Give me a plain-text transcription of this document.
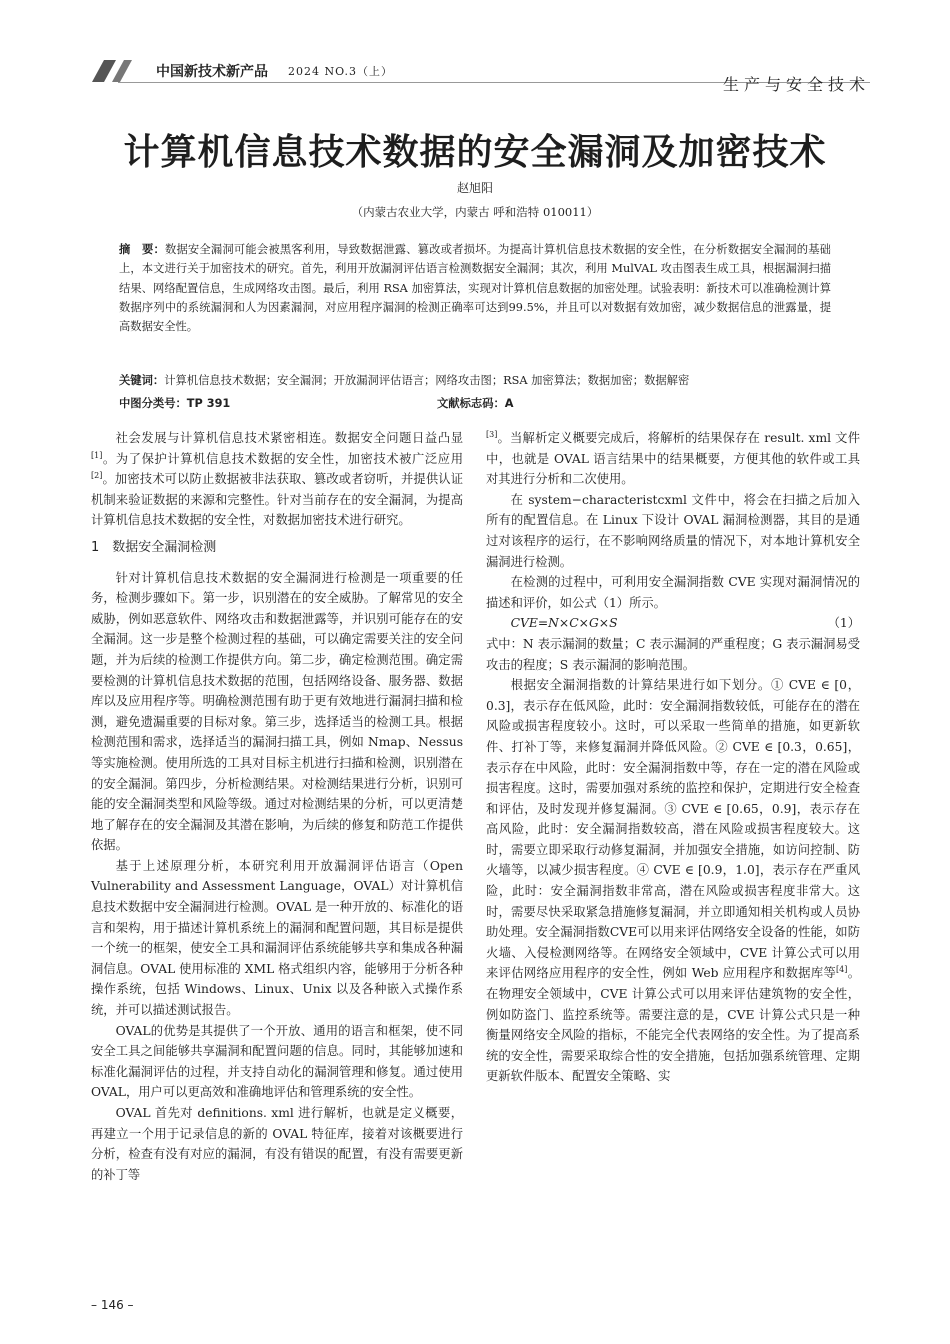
中国新技术新产品 2024 NO.3（上）
生产与安全技术
计算机信息技术数据的安全漏洞及加密技术
赵旭阳
（内蒙古农业大学，内蒙古 呼和浩特 010011）
摘　要：数据安全漏洞可能会被黑客利用，导致数据泄露、篡改或者损坏。为提高计算机信息技术数据的安全性，在分析数据安全漏洞的基础上，本文进行关于加密技术的研究。首先，利用开放漏洞评估语言检测数据安全漏洞；其次，利用 MulVAL 攻击图表生成工具，根据漏洞扫描结果、网络配置信息，生成网络攻击图。最后，利用 RSA 加密算法，实现对计算机信息数据的加密处理。试验表明：新技术可以准确检测计算数据序列中的系统漏洞和人为因素漏洞，对应用程序漏洞的检测正确率可达到99.5%，并且可以对数据有效加密，减少数据信息的泄露量，提高数据安全性。
关键词：计算机信息技术数据；安全漏洞；开放漏洞评估语言；网络攻击图；RSA 加密算法；数据加密；数据解密
中图分类号：TP 391	文献标志码：A

社会发展与计算机信息技术紧密相连。数据安全问题日益凸显[1]。为了保护计算机信息技术数据的安全性，加密技术被广泛应用[2]。加密技术可以防止数据被非法获取、篡改或者窃听，并提供认证机制来验证数据的来源和完整性。针对当前存在的安全漏洞，为提高计算机信息技术数据的安全性，对数据加密技术进行研究。

1　数据安全漏洞检测

针对计算机信息技术数据的安全漏洞进行检测是一项重要的任务，检测步骤如下。第一步，识别潜在的安全威胁。了解常见的安全威胁，例如恶意软件、网络攻击和数据泄露等，并识别可能存在的安全漏洞。这一步是整个检测过程的基础，可以确定需要关注的安全问题，并为后续的检测工作提供方向。第二步，确定检测范围。确定需要检测的计算机信息技术数据的范围，包括网络设备、服务器、数据库以及应用程序等。明确检测范围有助于更有效地进行漏洞扫描和检测，避免遗漏重要的目标对象。第三步，选择适当的检测工具。根据检测范围和需求，选择适当的漏洞扫描工具，例如 Nmap、Nessus 等实施检测。使用所选的工具对目标主机进行扫描和检测，识别潜在的安全漏洞。第四步，分析检测结果。对检测结果进行分析，识别可能的安全漏洞类型和风险等级。通过对检测结果的分析，可以更清楚地了解存在的安全漏洞及其潜在影响，为后续的修复和防范工作提供依据。

基于上述原理分析，本研究利用开放漏洞评估语言（Open Vulnerability and Assessment Language，OVAL）对计算机信息技术数据中安全漏洞进行检测。OVAL 是一种开放的、标准化的语言和架构，用于描述计算机系统上的漏洞和配置问题，其目标是提供一个统一的框架，使安全工具和漏洞评估系统能够共享和集成各种漏洞信息。OVAL 使用标准的 XML 格式组织内容，能够用于分析各种操作系统，包括 Windows、Linux、Unix 以及各种嵌入式操作系统，并可以描述测试报告。

OVAL的优势是其提供了一个开放、通用的语言和框架，使不同安全工具之间能够共享漏洞和配置问题的信息。同时，其能够加速和标准化漏洞评估的过程，并支持自动化的漏洞管理和修复。通过使用 OVAL，用户可以更高效和准确地评估和管理系统的安全性。

OVAL 首先对 definitions. xml 进行解析，也就是定义概要，再建立一个用于记录信息的新的 OVAL 特征库，接着对该概要进行分析，检查有没有对应的漏洞，有没有错误的配置，有没有需要更新的补丁等

[3]。当解析定义概要完成后，将解析的结果保存在 result. xml 文件中，也就是 OVAL 语言结果中的结果概要，方便其他的软件或工具对其进行分析和二次使用。

在 system−characteristcxml 文件中，将会在扫描之后加入所有的配置信息。在 Linux 下设计 OVAL 漏洞检测器，其目的是通过对该程序的运行，在不影响网络质量的情况下，对本地计算机安全漏洞进行检测。

在检测的过程中，可利用安全漏洞指数 CVE 实现对漏洞情况的描述和评价，如公式（1）所示。

CVE=N×C×G×S	（1）

式中：N 表示漏洞的数量；C 表示漏洞的严重程度；G 表示漏洞易受攻击的程度；S 表示漏洞的影响范围。

根据安全漏洞指数的计算结果进行如下划分。① CVE ∈ [0，0.3]，表示存在低风险，此时：安全漏洞指数较低，可能存在的潜在风险或损害程度较小。这时，可以采取一些简单的措施，如更新软件、打补丁等，来修复漏洞并降低风险。② CVE ∈ [0.3，0.65]，表示存在中风险，此时：安全漏洞指数中等，存在一定的潜在风险或损害程度。这时，需要加强对系统的监控和保护，定期进行安全检查和评估，及时发现并修复漏洞。③ CVE ∈ [0.65，0.9]，表示存在高风险，此时：安全漏洞指数较高，潜在风险或损害程度较大。这时，需要立即采取行动修复漏洞，并加强安全措施，如访问控制、防火墙等，以减少损害程度。④ CVE ∈ [0.9，1.0]，表示存在严重风险，此时：安全漏洞指数非常高，潜在风险或损害程度非常大。这时，需要尽快采取紧急措施修复漏洞，并立即通知相关机构或人员协助处理。安全漏洞指数CVE可以用来评估网络安全设备的性能，如防火墙、入侵检测网络等。在网络安全领域中，CVE 计算公式可以用来评估网络应用程序的安全性，例如 Web 应用程序和数据库等[4]。在物理安全领域中，CVE 计算公式可以用来评估建筑物的安全性，例如防盗门、监控系统等。需要注意的是，CVE 计算公式只是一种衡量网络安全风险的指标，不能完全代表网络的安全性。为了提高系统的安全性，需要采取综合性的安全措施，包括加强系统管理、定期更新软件版本、配置安全策略、实

– 146 –
